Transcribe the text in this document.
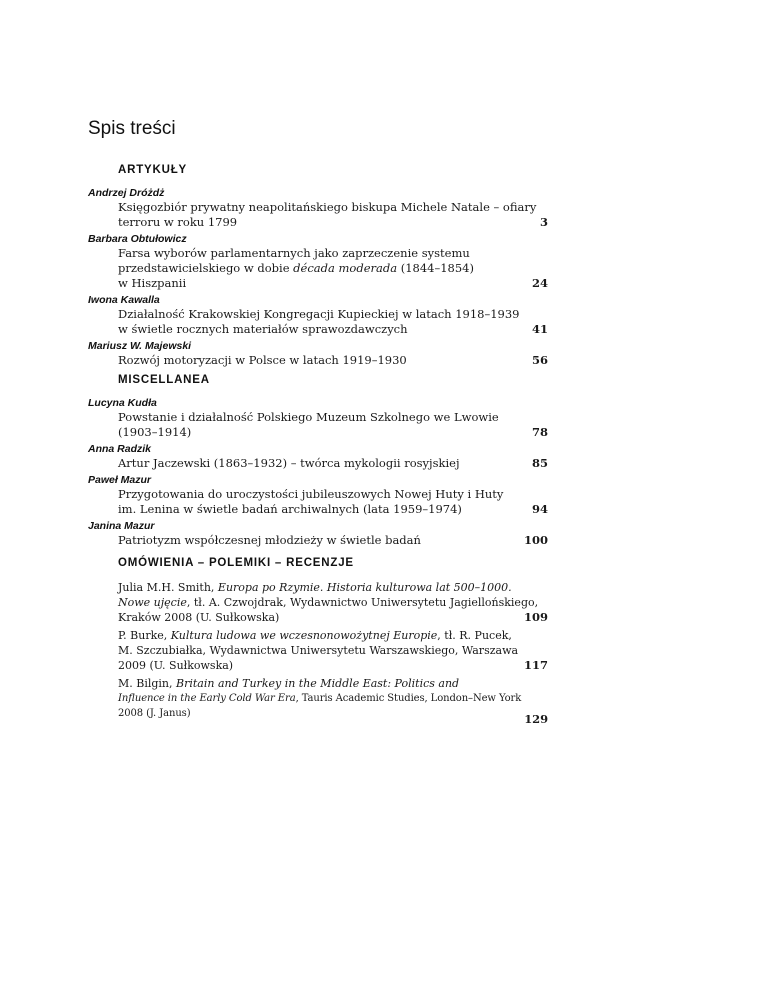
Spis treści
ARTYKUŁY
Andrzej Dróżdż
Księgozbiór prywatny neapolitańskiego biskupa Michele Natale – ofiary
terroru w roku 1799	3
Barbara Obtułowicz
Farsa wyborów parlamentarnych jako zaprzeczenie systemu
przedstawicielskiego w dobie década moderada (1844–1854)
w Hiszpanii	24
Iwona Kawalla
Działalność Krakowskiej Kongregacji Kupieckiej w latach 1918–1939
w świetle rocznych materiałów sprawozdawczych	41
Mariusz W. Majewski
Rozwój motoryzacji w Polsce w latach 1919–1930	56
MISCELLANEA
Lucyna Kudła
Powstanie i działalność Polskiego Muzeum Szkolnego we Lwowie
(1903–1914)	78
Anna Radzik
Artur Jaczewski (1863–1932) – twórca mykologii rosyjskiej	85
Paweł Mazur
Przygotowania do uroczystości jubileuszowych Nowej Huty i Huty
im. Lenina w świetle badań archiwalnych (lata 1959–1974)	94
Janina Mazur
Patriotyzm współczesnej młodzieży w świetle badań	100
OMÓWIENIA – POLEMIKI – RECENZJE
Julia M.H. Smith, Europa po Rzymie. Historia kulturowa lat 500–1000.
Nowe ujęcie, tł. A. Czwojdrak, Wydawnictwo Uniwersytetu Jagiellońskiego,
Kraków 2008 (U. Sułkowska)	109
P. Burke, Kultura ludowa we wczesnonowożytnej Europie, tł. R. Pucek,
M. Szczubiałka, Wydawnictwa Uniwersytetu Warszawskiego, Warszawa
2009 (U. Sułkowska)	117
M. Bilgin, Britain and Turkey in the Middle East: Politics and
Influence in the Early Cold War Era, Tauris Academic Studies, London–New York
2008 (J. Janus)	129
